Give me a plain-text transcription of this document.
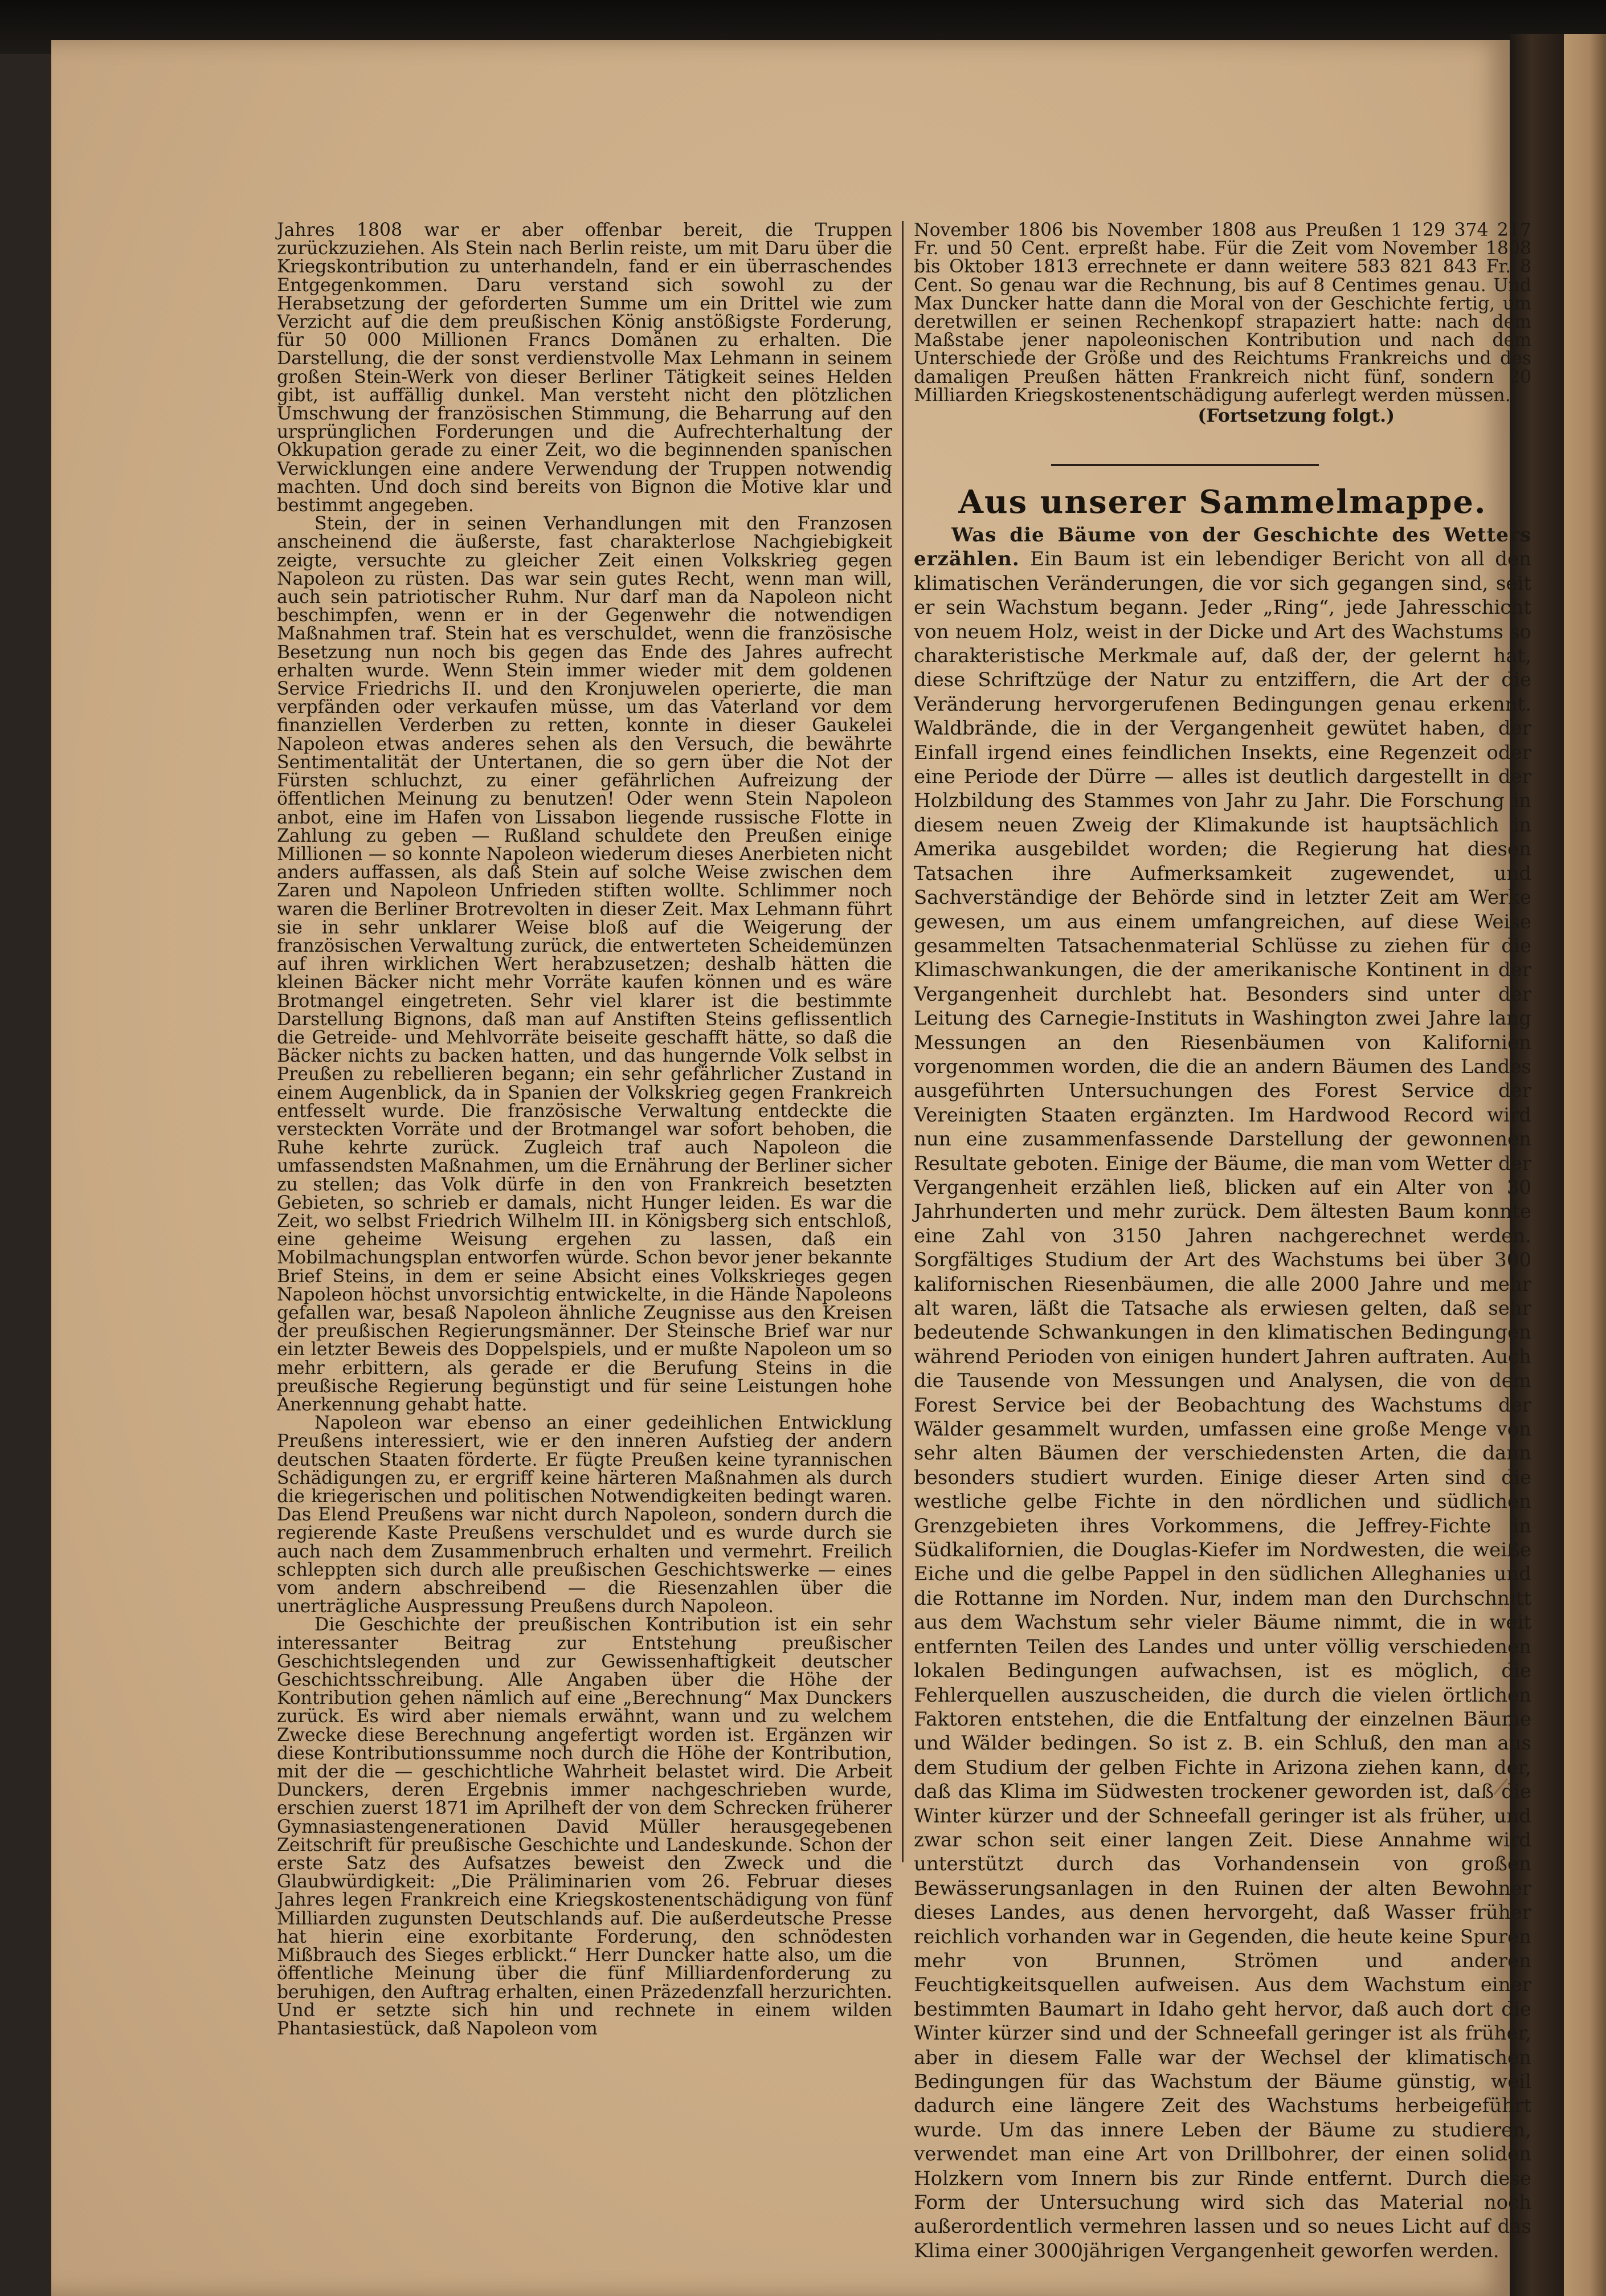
Jahres 1808 war er aber offenbar bereit, die Truppen zurückzuziehen. Als Stein nach Berlin reiste, um mit Daru über die Kriegskontribution zu unterhandeln, fand er ein überraschendes Entgegenkommen. Daru verstand sich sowohl zu der Herabsetzung der geforderten Summe um ein Drittel wie zum Verzicht auf die dem preußischen König anstößigste Forderung, für 50 000 Millionen Francs Domänen zu erhalten. Die Darstellung, die der sonst verdienstvolle Max Lehmann in seinem großen Stein-Werk von dieser Berliner Tätigkeit seines Helden gibt, ist auffällig dunkel. Man versteht nicht den plötzlichen Umschwung der französischen Stimmung, die Beharrung auf den ursprünglichen Forderungen und die Aufrechterhaltung der Okkupation gerade zu einer Zeit, wo die beginnenden spanischen Verwicklungen eine andere Verwendung der Truppen notwendig machten. Und doch sind bereits von Bignon die Motive klar und bestimmt angegeben.

Stein, der in seinen Verhandlungen mit den Franzosen anscheinend die äußerste, fast charakterlose Nachgiebigkeit zeigte, versuchte zu gleicher Zeit einen Volkskrieg gegen Napoleon zu rüsten. Das war sein gutes Recht, wenn man will, auch sein patriotischer Ruhm. Nur darf man da Napoleon nicht beschimpfen, wenn er in der Gegenwehr die notwendigen Maßnahmen traf. Stein hat es verschuldet, wenn die französische Besetzung nun noch bis gegen das Ende des Jahres aufrecht erhalten wurde. Wenn Stein immer wieder mit dem goldenen Service Friedrichs II. und den Kronjuwelen operierte, die man verpfänden oder verkaufen müsse, um das Vaterland vor dem finanziellen Verderben zu retten, konnte in dieser Gaukelei Napoleon etwas anderes sehen als den Versuch, die bewährte Sentimentalität der Untertanen, die so gern über die Not der Fürsten schluchzt, zu einer gefährlichen Aufreizung der öffentlichen Meinung zu benutzen! Oder wenn Stein Napoleon anbot, eine im Hafen von Lissabon liegende russische Flotte in Zahlung zu geben — Rußland schuldete den Preußen einige Millionen — so konnte Napoleon wiederum dieses Anerbieten nicht anders auffassen, als daß Stein auf solche Weise zwischen dem Zaren und Napoleon Unfrieden stiften wollte. Schlimmer noch waren die Berliner Brotrevolten in dieser Zeit. Max Lehmann führt sie in sehr unklarer Weise bloß auf die Weigerung der französischen Verwaltung zurück, die entwerteten Scheidemünzen auf ihren wirklichen Wert herabzusetzen; deshalb hätten die kleinen Bäcker nicht mehr Vorräte kaufen können und es wäre Brotmangel eingetreten. Sehr viel klarer ist die bestimmte Darstellung Bignons, daß man auf Anstiften Steins geflissentlich die Getreide- und Mehlvorräte beiseite geschafft hätte, so daß die Bäcker nichts zu backen hatten, und das hungernde Volk selbst in Preußen zu rebellieren begann; ein sehr gefährlicher Zustand in einem Augenblick, da in Spanien der Volkskrieg gegen Frankreich entfesselt wurde. Die französische Verwaltung entdeckte die versteckten Vorräte und der Brotmangel war sofort behoben, die Ruhe kehrte zurück. Zugleich traf auch Napoleon die umfassendsten Maßnahmen, um die Ernährung der Berliner sicher zu stellen; das Volk dürfe in den von Frankreich besetzten Gebieten, so schrieb er damals, nicht Hunger leiden. Es war die Zeit, wo selbst Friedrich Wilhelm III. in Königsberg sich entschloß, eine geheime Weisung ergehen zu lassen, daß ein Mobilmachungsplan entworfen würde. Schon bevor jener bekannte Brief Steins, in dem er seine Absicht eines Volkskrieges gegen Napoleon höchst unvorsichtig entwickelte, in die Hände Napoleons gefallen war, besaß Napoleon ähnliche Zeugnisse aus den Kreisen der preußischen Regierungsmänner. Der Steinsche Brief war nur ein letzter Beweis des Doppelspiels, und er mußte Napoleon um so mehr erbittern, als gerade er die Berufung Steins in die preußische Regierung begünstigt und für seine Leistungen hohe Anerkennung gehabt hatte.

Napoleon war ebenso an einer gedeihlichen Entwicklung Preußens interessiert, wie er den inneren Aufstieg der andern deutschen Staaten förderte. Er fügte Preußen keine tyrannischen Schädigungen zu, er ergriff keine härteren Maßnahmen als durch die kriegerischen und politischen Notwendigkeiten bedingt waren. Das Elend Preußens war nicht durch Napoleon, sondern durch die regierende Kaste Preußens verschuldet und es wurde durch sie auch nach dem Zusammenbruch erhalten und vermehrt. Freilich schleppten sich durch alle preußischen Geschichtswerke — eines vom andern abschreibend — die Riesenzahlen über die unerträgliche Auspressung Preußens durch Napoleon.

Die Geschichte der preußischen Kontribution ist ein sehr interessanter Beitrag zur Entstehung preußischer Geschichtslegenden und zur Gewissenhaftigkeit deutscher Geschichtsschreibung. Alle Angaben über die Höhe der Kontribution gehen nämlich auf eine „Berechnung“ Max Dunckers zurück. Es wird aber niemals erwähnt, wann und zu welchem Zwecke diese Berechnung angefertigt worden ist. Ergänzen wir diese Kontributionssumme noch durch die Höhe der Kontribution, mit der die — geschichtliche Wahrheit belastet wird. Die Arbeit Dunckers, deren Ergebnis immer nachgeschrieben wurde, erschien zuerst 1871 im Aprilheft der von dem Schrecken früherer Gymnasiastengenerationen David Müller herausgegebenen Zeitschrift für preußische Geschichte und Landeskunde. Schon der erste Satz des Aufsatzes beweist den Zweck und die Glaubwürdigkeit: „Die Präliminarien vom 26. Februar dieses Jahres legen Frankreich eine Kriegskostenentschädigung von fünf Milliarden zugunsten Deutschlands auf. Die außerdeutsche Presse hat hierin eine exorbitante Forderung, den schnödesten Mißbrauch des Sieges erblickt.“ Herr Duncker hatte also, um die öffentliche Meinung über die fünf Milliardenforderung zu beruhigen, den Auftrag erhalten, einen Präzedenzfall herzurichten. Und er setzte sich hin und rechnete in einem wilden Phantasiestück, daß Napoleon vom

November 1806 bis November 1808 aus Preußen 1 129 374 217 Fr. und 50 Cent. erpreßt habe. Für die Zeit vom November 1808 bis Oktober 1813 errechnete er dann weitere 583 821 843 Fr. 8 Cent. So genau war die Rechnung, bis auf 8 Centimes genau. Und Max Duncker hatte dann die Moral von der Geschichte fertig, um deretwillen er seinen Rechenkopf strapaziert hatte: nach dem Maßstabe jener napoleonischen Kontribution und nach dem Unterschiede der Größe und des Reichtums Frankreichs und des damaligen Preußen hätten Frankreich nicht fünf, sondern 20 Milliarden Kriegskostenentschädigung auferlegt werden müssen.

(Fortsetzung folgt.)

Aus unserer Sammelmappe.

Was die Bäume von der Geschichte des Wetters erzählen. Ein Baum ist ein lebendiger Bericht von all den klimatischen Veränderungen, die vor sich gegangen sind, seit er sein Wachstum begann. Jeder „Ring“, jede Jahresschicht von neuem Holz, weist in der Dicke und Art des Wachstums so charakteristische Merkmale auf, daß der, der gelernt hat, diese Schriftzüge der Natur zu entziffern, die Art der die Veränderung hervorgerufenen Bedingungen genau erkennt. Waldbrände, die in der Vergangenheit gewütet haben, der Einfall irgend eines feindlichen Insekts, eine Regenzeit oder eine Periode der Dürre — alles ist deutlich dargestellt in der Holzbildung des Stammes von Jahr zu Jahr. Die Forschung in diesem neuen Zweig der Klimakunde ist hauptsächlich in Amerika ausgebildet worden; die Regierung hat diesen Tatsachen ihre Aufmerksamkeit zugewendet, und Sachverständige der Behörde sind in letzter Zeit am Werke gewesen, um aus einem umfangreichen, auf diese Weise gesammelten Tatsachenmaterial Schlüsse zu ziehen für die Klimaschwankungen, die der amerikanische Kontinent in der Vergangenheit durchlebt hat. Besonders sind unter der Leitung des Carnegie-Instituts in Washington zwei Jahre lang Messungen an den Riesenbäumen von Kalifornien vorgenommen worden, die die an andern Bäumen des Landes ausgeführten Untersuchungen des Forest Service der Vereinigten Staaten ergänzten. Im Hardwood Record wird nun eine zusammenfassende Darstellung der gewonnenen Resultate geboten. Einige der Bäume, die man vom Wetter der Vergangenheit erzählen ließ, blicken auf ein Alter von 30 Jahrhunderten und mehr zurück. Dem ältesten Baum konnte eine Zahl von 3150 Jahren nachgerechnet werden. Sorgfältiges Studium der Art des Wachstums bei über 300 kalifornischen Riesenbäumen, die alle 2000 Jahre und mehr alt waren, läßt die Tatsache als erwiesen gelten, daß sehr bedeutende Schwankungen in den klimatischen Bedingungen während Perioden von einigen hundert Jahren auftraten. Auch die Tausende von Messungen und Analysen, die von dem Forest Service bei der Beobachtung des Wachstums der Wälder gesammelt wurden, umfassen eine große Menge von sehr alten Bäumen der verschiedensten Arten, die dann besonders studiert wurden. Einige dieser Arten sind die westliche gelbe Fichte in den nördlichen und südlichen Grenzgebieten ihres Vorkommens, die Jeffrey-Fichte in Südkalifornien, die Douglas-Kiefer im Nordwesten, die weiße Eiche und die gelbe Pappel in den südlichen Alleghanies und die Rottanne im Norden. Nur, indem man den Durchschnitt aus dem Wachstum sehr vieler Bäume nimmt, die in weit entfernten Teilen des Landes und unter völlig verschiedenen lokalen Bedingungen aufwachsen, ist es möglich, die Fehlerquellen auszuscheiden, die durch die vielen örtlichen Faktoren entstehen, die die Entfaltung der einzelnen Bäume und Wälder bedingen. So ist z. B. ein Schluß, den man aus dem Studium der gelben Fichte in Arizona ziehen kann, der, daß das Klima im Südwesten trockener geworden ist, daß die Winter kürzer und der Schneefall geringer ist als früher, und zwar schon seit einer langen Zeit. Diese Annahme wird unterstützt durch das Vorhandensein von großen Bewässerungsanlagen in den Ruinen der alten Bewohner dieses Landes, aus denen hervorgeht, daß Wasser früher reichlich vorhanden war in Gegenden, die heute keine Spuren mehr von Brunnen, Strömen und anderen Feuchtigkeitsquellen aufweisen. Aus dem Wachstum einer bestimmten Baumart in Idaho geht hervor, daß auch dort die Winter kürzer sind und der Schneefall geringer ist als früher, aber in diesem Falle war der Wechsel der klimatischen Bedingungen für das Wachstum der Bäume günstig, weil dadurch eine längere Zeit des Wachstums herbeigeführt wurde. Um das innere Leben der Bäume zu studieren, verwendet man eine Art von Drillbohrer, der einen soliden Holzkern vom Innern bis zur Rinde entfernt. Durch diese Form der Untersuchung wird sich das Material noch außerordentlich vermehren lassen und so neues Licht auf das Klima einer 3000jährigen Vergangenheit geworfen werden.
